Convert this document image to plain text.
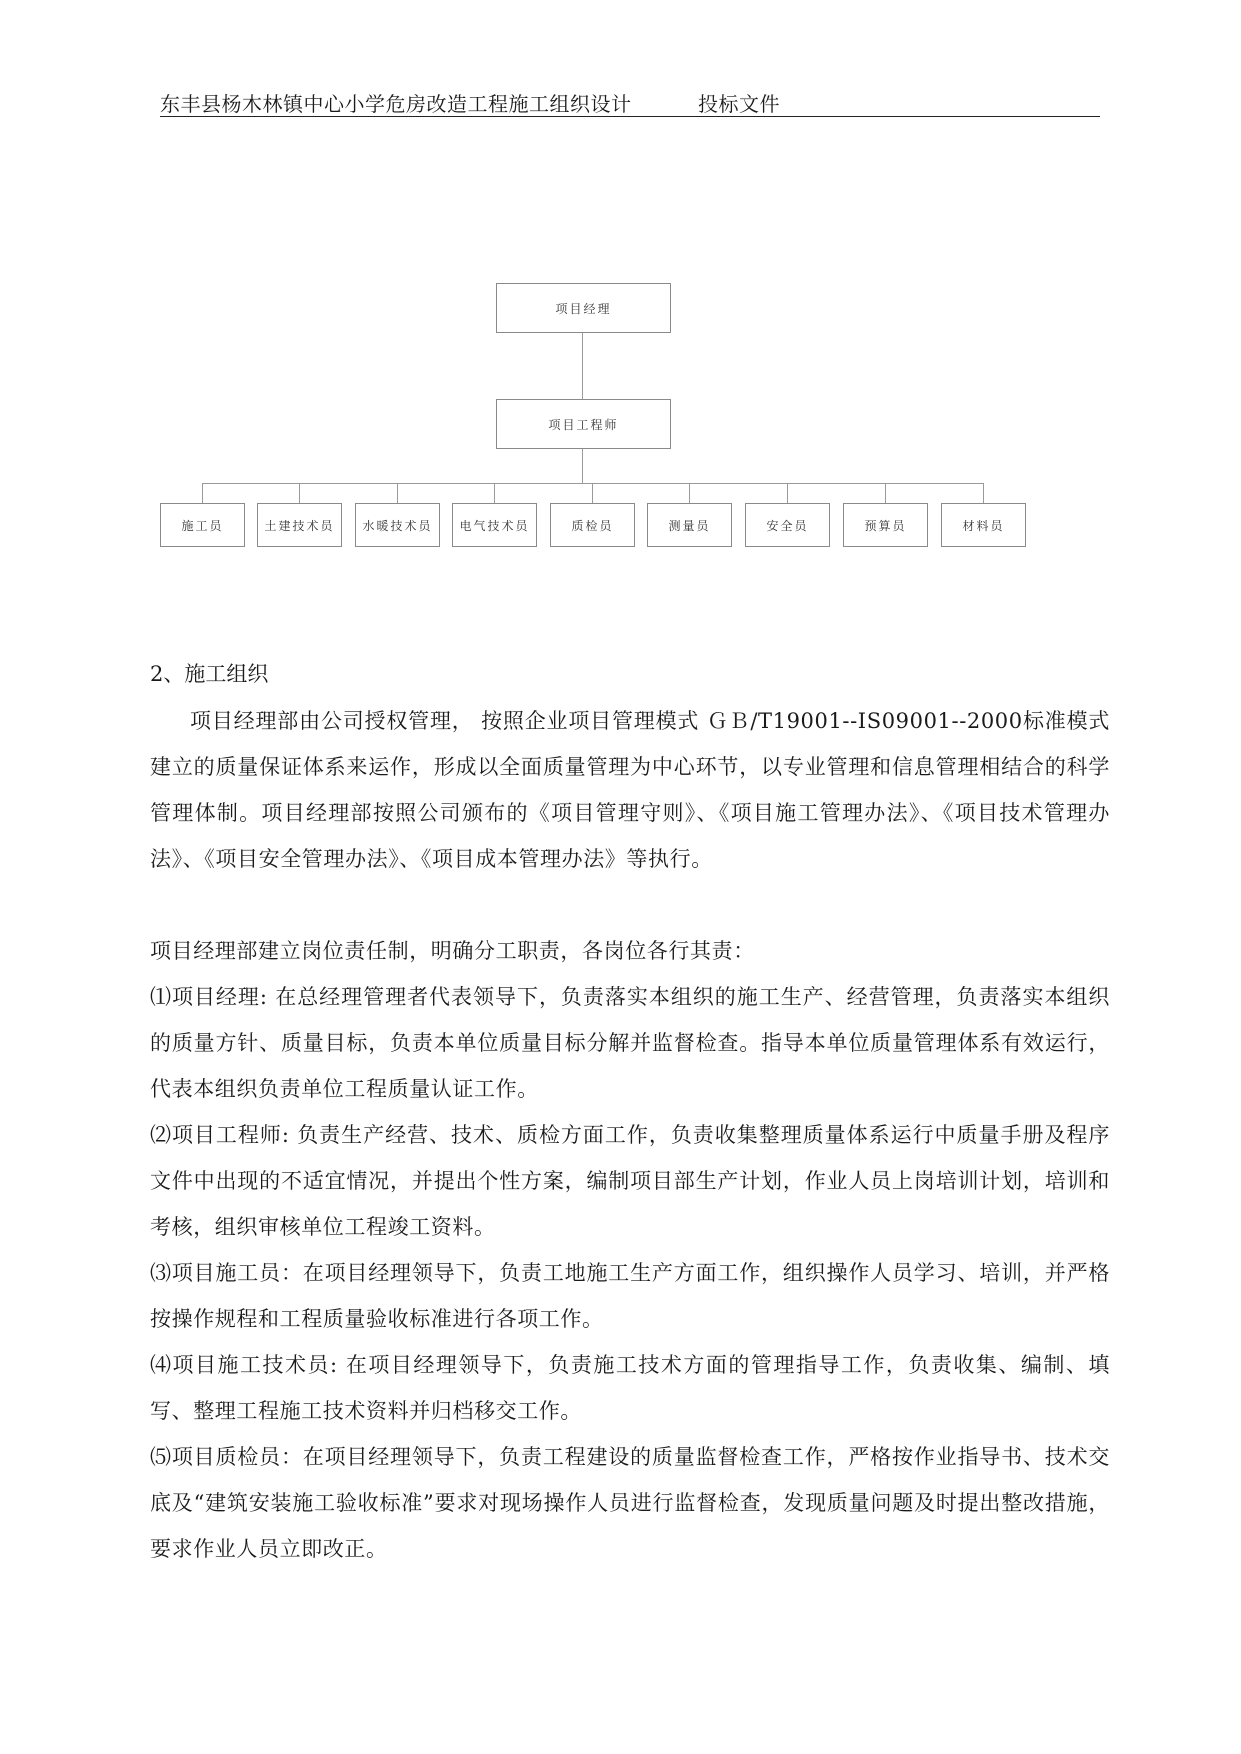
东丰县杨木林镇中心小学危房改造工程施工组织设计	投标文件
项目经理
项目工程师
施工员	土建技术员	水暖技术员	电气技术员	质检员	测量员	安全员	预算员	材料员
2、施工组织
项目经理部由公司授权管理， 按照企业项目管理模式 ＧＢ/T19001--IS09001--2000标准模式建立的质量保证体系来运作，形成以全面质量管理为中心环节，以专业管理和信息管理相结合的科学管理体制。项目经理部按照公司颁布的《项目管理守则》、《项目施工管理办法》、《项目技术管理办法》、《项目安全管理办法》、《项目成本管理办法》等执行。
项目经理部建立岗位责任制，明确分工职责，各岗位各行其责：
⑴项目经理: 在总经理管理者代表领导下，负责落实本组织的施工生产、经营管理，负责落实本组织的质量方针、质量目标，负责本单位质量目标分解并监督检查。指导本单位质量管理体系有效运行，代表本组织负责单位工程质量认证工作。
⑵项目工程师: 负责生产经营、技术、质检方面工作，负责收集整理质量体系运行中质量手册及程序文件中出现的不适宜情况，并提出个性方案，编制项目部生产计划，作业人员上岗培训计划，培训和考核，组织审核单位工程竣工资料。
⑶项目施工员：在项目经理领导下，负责工地施工生产方面工作，组织操作人员学习、培训，并严格按操作规程和工程质量验收标准进行各项工作。
⑷项目施工技术员: 在项目经理领导下，负责施工技术方面的管理指导工作，负责收集、编制、填写、整理工程施工技术资料并归档移交工作。
⑸项目质检员：在项目经理领导下，负责工程建设的质量监督检查工作，严格按作业指导书、技术交底及“建筑安装施工验收标准”要求对现场操作人员进行监督检查，发现质量问题及时提出整改措施，要求作业人员立即改正。
